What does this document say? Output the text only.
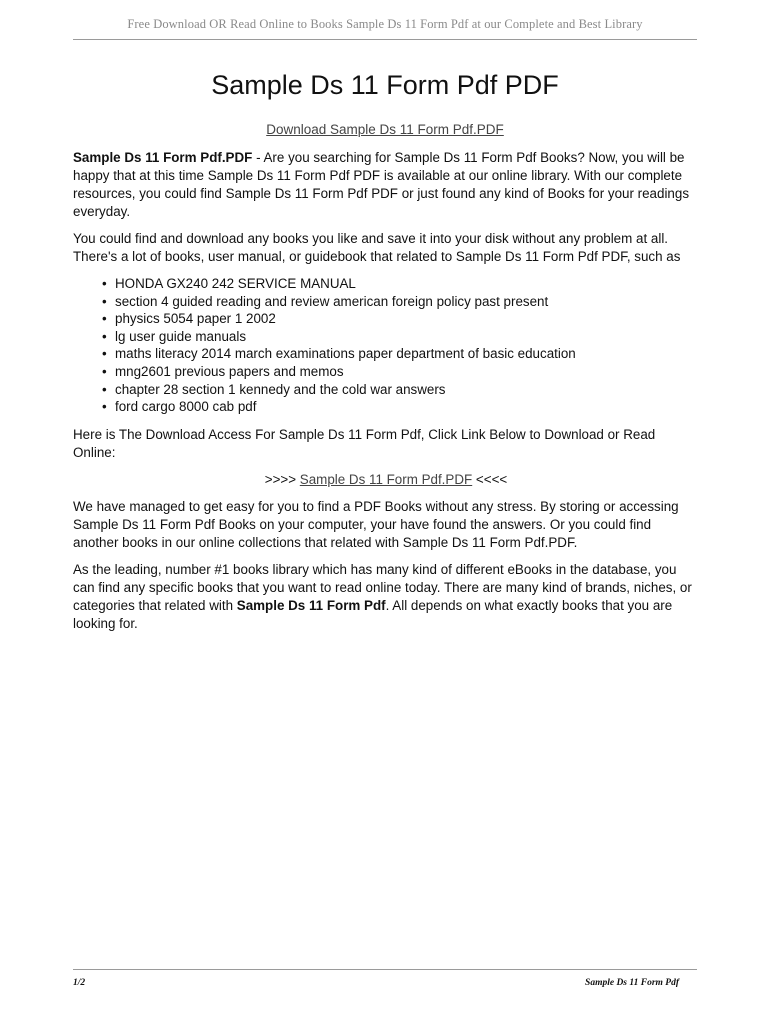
Free Download OR Read Online to Books Sample Ds 11 Form Pdf at our Complete and Best Library
Sample Ds 11 Form Pdf PDF
Download Sample Ds 11 Form Pdf.PDF

Sample Ds 11 Form Pdf.PDF - Are you searching for Sample Ds 11 Form Pdf Books? Now, you will be happy that at this time Sample Ds 11 Form Pdf PDF is available at our online library. With our complete resources, you could find Sample Ds 11 Form Pdf PDF or just found any kind of Books for your readings everyday.

You could find and download any books you like and save it into your disk without any problem at all. There's a lot of books, user manual, or guidebook that related to Sample Ds 11 Form Pdf PDF, such as

• HONDA GX240 242 SERVICE MANUAL
• section 4 guided reading and review american foreign policy past present
• physics 5054 paper 1 2002
• lg user guide manuals
• maths literacy 2014 march examinations paper department of basic education
• mng2601 previous papers and memos
• chapter 28 section 1 kennedy and the cold war answers
• ford cargo 8000 cab pdf

Here is The Download Access For Sample Ds 11 Form Pdf, Click Link Below to Download or Read Online:

>>>> Sample Ds 11 Form Pdf.PDF <<<<

We have managed to get easy for you to find a PDF Books without any stress. By storing or accessing Sample Ds 11 Form Pdf Books on your computer, your have found the answers. Or you could find another books in our online collections that related with Sample Ds 11 Form Pdf.PDF.

As the leading, number #1 books library which has many kind of different eBooks in the database, you can find any specific books that you want to read online today. There are many kind of brands, niches, or categories that related with Sample Ds 11 Form Pdf. All depends on what exactly books that you are looking for.

1/2	Sample Ds 11 Form Pdf
